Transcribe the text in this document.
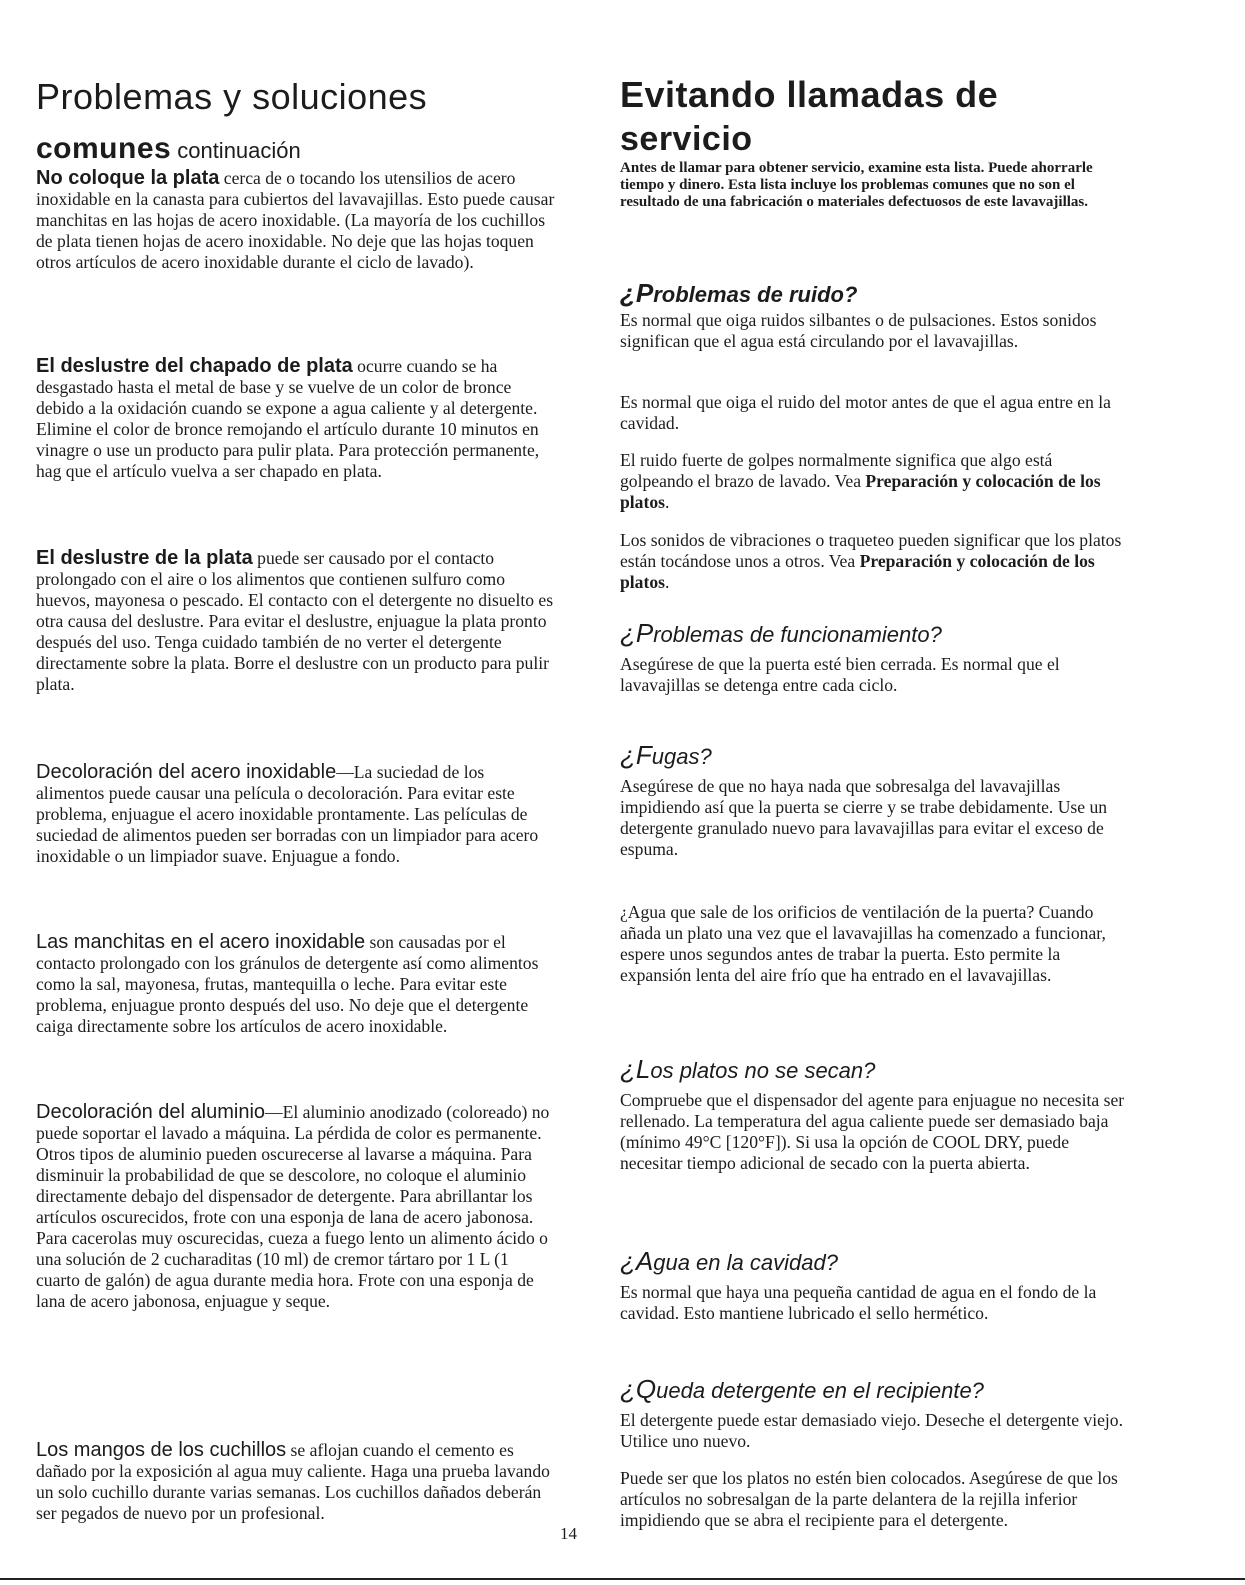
Problemas y soluciones
comunes continuación

No coloque la plata cerca de o tocando los utensilios de acero inoxidable en la canasta para cubiertos del lavavajillas. Esto puede causar manchitas en las hojas de acero inoxidable. (La mayoría de los cuchillos de plata tienen hojas de acero inoxidable. No deje que las hojas toquen otros artículos de acero inoxidable durante el ciclo de lavado).

El deslustre del chapado de plata ocurre cuando se ha desgastado hasta el metal de base y se vuelve de un color de bronce debido a la oxidación cuando se expone a agua caliente y al detergente. Elimine el color de bronce remojando el artículo durante 10 minutos en vinagre o use un producto para pulir plata. Para protección permanente, hag que el artículo vuelva a ser chapado en plata.

El deslustre de la plata puede ser causado por el contacto prolongado con el aire o los alimentos que contienen sulfuro como huevos, mayonesa o pescado. El contacto con el detergente no disuelto es otra causa del deslustre. Para evitar el deslustre, enjuague la plata pronto después del uso. Tenga cuidado también de no verter el detergente directamente sobre la plata. Borre el deslustre con un producto para pulir plata.

Decoloración del acero inoxidable—La suciedad de los alimentos puede causar una película o decoloración. Para evitar este problema, enjuague el acero inoxidable prontamente. Las películas de suciedad de alimentos pueden ser borradas con un limpiador para acero inoxidable o un limpiador suave. Enjuague a fondo.

Las manchitas en el acero inoxidable son causadas por el contacto prolongado con los gránulos de detergente así como alimentos como la sal, mayonesa, frutas, mantequilla o leche. Para evitar este problema, enjuague pronto después del uso. No deje que el detergente caiga directamente sobre los artículos de acero inoxidable.

Decoloración del aluminio—El aluminio anodizado (coloreado) no puede soportar el lavado a máquina. La pérdida de color es permanente. Otros tipos de aluminio pueden oscurecerse al lavarse a máquina. Para disminuir la probabilidad de que se descolore, no coloque el aluminio directamente debajo del dispensador de detergente. Para abrillantar los artículos oscurecidos, frote con una esponja de lana de acero jabonosa. Para cacerolas muy oscurecidas, cueza a fuego lento un alimento ácido o una solución de 2 cucharaditas (10 ml) de cremor tártaro por 1 L (1 cuarto de galón) de agua durante media hora. Frote con una esponja de lana de acero jabonosa, enjuague y seque.

Los mangos de los cuchillos se aflojan cuando el cemento es dañado por la exposición al agua muy caliente. Haga una prueba lavando un solo cuchillo durante varias semanas. Los cuchillos dañados deberán ser pegados de nuevo por un profesional.

Evitando llamadas de
servicio

Antes de llamar para obtener servicio, examine esta lista. Puede ahorrarle tiempo y dinero. Esta lista incluye los problemas comunes que no son el resultado de una fabricación o materiales defectuosos de este lavavajillas.

¿Problemas de ruido?

Es normal que oiga ruidos silbantes o de pulsaciones. Estos sonidos significan que el agua está circulando por el lavavajillas.

Es normal que oiga el ruido del motor antes de que el agua entre en la cavidad.

El ruido fuerte de golpes normalmente significa que algo está golpeando el brazo de lavado. Vea Preparación y colocación de los platos.

Los sonidos de vibraciones o traqueteo pueden significar que los platos están tocándose unos a otros. Vea Preparación y colocación de los platos.

¿Problemas de funcionamiento?

Asegúrese de que la puerta esté bien cerrada. Es normal que el lavavajillas se detenga entre cada ciclo.

¿Fugas?

Asegúrese de que no haya nada que sobresalga del lavavajillas impidiendo así que la puerta se cierre y se trabe debidamente. Use un detergente granulado nuevo para lavavajillas para evitar el exceso de espuma.

¿Agua que sale de los orificios de ventilación de la puerta? Cuando añada un plato una vez que el lavavajillas ha comenzado a funcionar, espere unos segundos antes de trabar la puerta. Esto permite la expansión lenta del aire frío que ha entrado en el lavavajillas.

¿Los platos no se secan?

Compruebe que el dispensador del agente para enjuague no necesita ser rellenado. La temperatura del agua caliente puede ser demasiado baja (mínimo 49°C [120°F]). Si usa la opción de COOL DRY, puede necesitar tiempo adicional de secado con la puerta abierta.

¿Agua en la cavidad?

Es normal que haya una pequeña cantidad de agua en el fondo de la cavidad. Esto mantiene lubricado el sello hermético.

¿Queda detergente en el recipiente?

El detergente puede estar demasiado viejo. Deseche el detergente viejo. Utilice uno nuevo.

Puede ser que los platos no estén bien colocados. Asegúrese de que los artículos no sobresalgan de la parte delantera de la rejilla inferior impidiendo que se abra el recipiente para el detergente.

14
